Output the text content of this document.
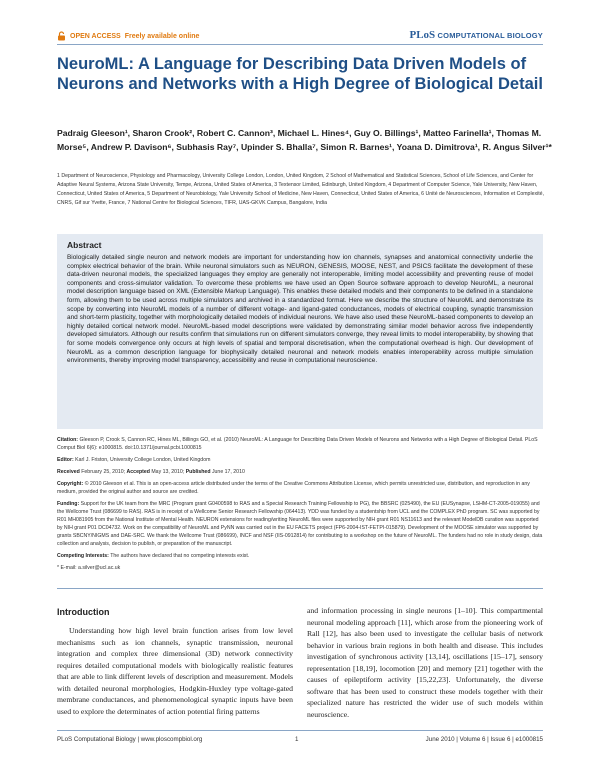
OPEN ACCESS Freely available online	PLoS COMPUTATIONAL BIOLOGY
NeuroML: A Language for Describing Data Driven Models of Neurons and Networks with a High Degree of Biological Detail
Padraig Gleeson¹, Sharon Crook², Robert C. Cannon³, Michael L. Hines⁴, Guy O. Billings¹, Matteo Farinella¹, Thomas M. Morse⁵, Andrew P. Davison⁶, Subhasis Ray⁷, Upinder S. Bhalla⁷, Simon R. Barnes¹, Yoana D. Dimitrova¹, R. Angus Silver¹*
1 Department of Neuroscience, Physiology and Pharmacology, University College London, London, United Kingdom, 2 School of Mathematical and Statistical Sciences, School of Life Sciences, and Center for Adaptive Neural Systems, Arizona State University, Tempe, Arizona, United States of America, 3 Textensor Limited, Edinburgh, United Kingdom, 4 Department of Computer Science, Yale University, New Haven, Connecticut, United States of America, 5 Department of Neurobiology, Yale University School of Medicine, New Haven, Connecticut, United States of America, 6 Unité de Neurosciences, Information et Complexité, CNRS, Gif sur Yvette, France, 7 National Centre for Biological Sciences, TIFR, UAS-GKVK Campus, Bangalore, India
Abstract
Biologically detailed single neuron and network models are important for understanding how ion channels, synapses and anatomical connectivity underlie the complex electrical behavior of the brain. While neuronal simulators such as NEURON, GENESIS, MOOSE, NEST, and PSICS facilitate the development of these data-driven neuronal models, the specialized languages they employ are generally not interoperable, limiting model accessibility and preventing reuse of model components and cross-simulator validation. To overcome these problems we have used an Open Source software approach to develop NeuroML, a neuronal model description language based on XML (Extensible Markup Language). This enables these detailed models and their components to be defined in a standalone form, allowing them to be used across multiple simulators and archived in a standardized format. Here we describe the structure of NeuroML and demonstrate its scope by converting into NeuroML models of a number of different voltage- and ligand-gated conductances, models of electrical coupling, synaptic transmission and short-term plasticity, together with morphologically detailed models of individual neurons. We have also used these NeuroML-based components to develop an highly detailed cortical network model. NeuroML-based model descriptions were validated by demonstrating similar model behavior across five independently developed simulators. Although our results confirm that simulations run on different simulators converge, they reveal limits to model interoperability, by showing that for some models convergence only occurs at high levels of spatial and temporal discretisation, when the computational overhead is high. Our development of NeuroML as a common description language for biophysically detailed neuronal and network models enables interoperability across multiple simulation environments, thereby improving model transparency, accessibility and reuse in computational neuroscience.

Citation: Gleeson P, Crook S, Cannon RC, Hines ML, Billings GO, et al. (2010) NeuroML: A Language for Describing Data Driven Models of Neurons and Networks with a High Degree of Biological Detail. PLoS Comput Biol 6(6): e1000815. doi:10.1371/journal.pcbi.1000815

Editor: Karl J. Friston, University College London, United Kingdom

Received February 25, 2010; Accepted May 13, 2010; Published June 17, 2010

Copyright: © 2010 Gleeson et al. This is an open-access article distributed under the terms of the Creative Commons Attribution License, which permits unrestricted use, distribution, and reproduction in any medium, provided the original author and source are credited.

Funding: Support for the UK team from the MRC (Program grant G0400598 to RAS and a Special Research Training Fellowship to PG), the BBSRC (025490), the EU (EUSynapse, LSHM-CT-2005-019055) and the Wellcome Trust (086699 to RAS). RAS is in receipt of a Wellcome Senior Research Fellowship (064413). YDD was funded by a studentship from UCL and the COMPLEX PhD program. SC was supported by R01 MH081905 from the National Institute of Mental Health. NEURON extensions for reading/writing NeuroML files were supported by NIH grant R01 NS11613 and the relevant ModelDB curation was supported by NIH grant P01 DC04732. Work on the compatibility of NeuroML and PyNN was carried out in the EU FACETS project (FP6-2004-IST-FETPI-015879). Development of the MOOSE simulator was supported by grants SBCNY/NIGMS and DAE-SRC. We thank the Wellcome Trust (086699), INCF and NSF (IIS-0912814) for contributing to a workshop on the future of NeuroML. The funders had no role in study design, data collection and analysis, decision to publish, or preparation of the manuscript.

Competing Interests: The authors have declared that no competing interests exist.

* E-mail: a.silver@ucl.ac.uk

Introduction
Understanding how high level brain function arises from low level mechanisms such as ion channels, synaptic transmission, neuronal integration and complex three dimensional (3D) network connectivity requires detailed computational models with biologically realistic features that are able to link different levels of description and measurement. Models with detailed neuronal morphologies, Hodgkin-Huxley type voltage-gated membrane conductances, and phenomenological synaptic inputs have been used to explore the determinates of action potential firing patterns
and information processing in single neurons [1–10]. This compartmental neuronal modeling approach [11], which arose from the pioneering work of Rall [12], has also been used to investigate the cellular basis of network behavior in various brain regions in both health and disease. This includes investigation of synchronous activity [13,14], oscillations [15–17], sensory representation [18,19], locomotion [20] and memory [21] together with the causes of epileptiform activity [15,22,23]. Unfortunately, the diverse software that has been used to construct these models together with their specialized nature has restricted the wider use of such models within neuroscience.
PLoS Computational Biology | www.ploscompbiol.org	1	June 2010 | Volume 6 | Issue 6 | e1000815
